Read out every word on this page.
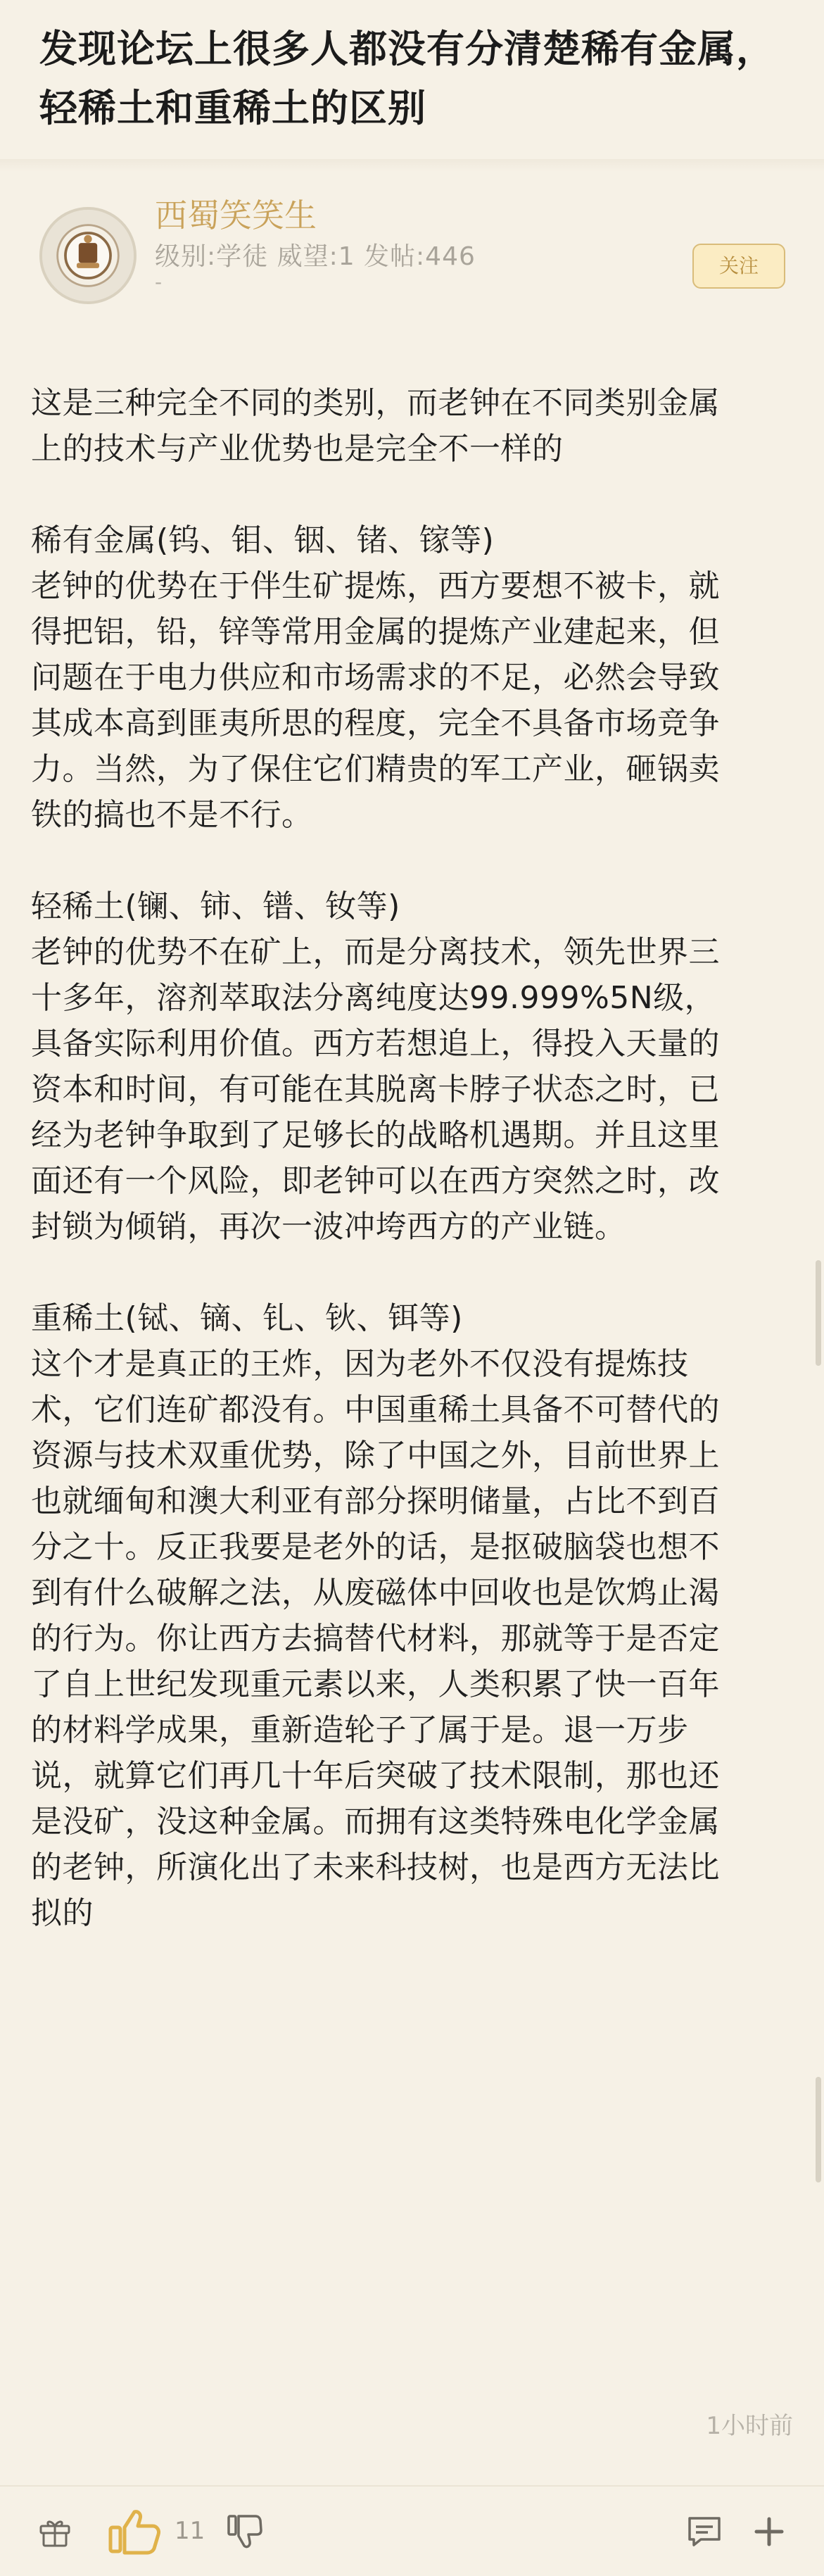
发现论坛上很多人都没有分清楚稀有金属，轻稀土和重稀土的区别
西蜀笑笑生
级别:学徒 威望:1 发帖:446
-
关注

这是三种完全不同的类别，而老钟在不同类别金属
上的技术与产业优势也是完全不一样的

稀有金属(钨、钼、铟、锗、镓等)

老钟的优势在于伴生矿提炼，西方要想不被卡，就
得把铝，铅，锌等常用金属的提炼产业建起来，但
问题在于电力供应和市场需求的不足，必然会导致
其成本高到匪夷所思的程度，完全不具备市场竞争
力。当然，为了保住它们精贵的军工产业，砸锅卖
铁的搞也不是不行。

轻稀土(镧、铈、镨、钕等)

老钟的优势不在矿上，而是分离技术，领先世界三
十多年，溶剂萃取法分离纯度达99.999%5N级，
具备实际利用价值。西方若想追上，得投入天量的
资本和时间，有可能在其脱离卡脖子状态之时，已
经为老钟争取到了足够长的战略机遇期。并且这里
面还有一个风险，即老钟可以在西方突然之时，改
封锁为倾销，再次一波冲垮西方的产业链。

重稀土(铽、镝、钆、钬、铒等)

这个才是真正的王炸，因为老外不仅没有提炼技
术，它们连矿都没有。中国重稀土具备不可替代的
资源与技术双重优势，除了中国之外，目前世界上
也就缅甸和澳大利亚有部分探明储量，占比不到百
分之十。反正我要是老外的话，是抠破脑袋也想不
到有什么破解之法，从废磁体中回收也是饮鸩止渴
的行为。你让西方去搞替代材料，那就等于是否定
了自上世纪发现重元素以来，人类积累了快一百年
的材料学成果，重新造轮子了属于是。退一万步
说，就算它们再几十年后突破了技术限制，那也还
是没矿，没这种金属。而拥有这类特殊电化学金属
的老钟，所演化出了未来科技树，也是西方无法比
拟的

1小时前
11
